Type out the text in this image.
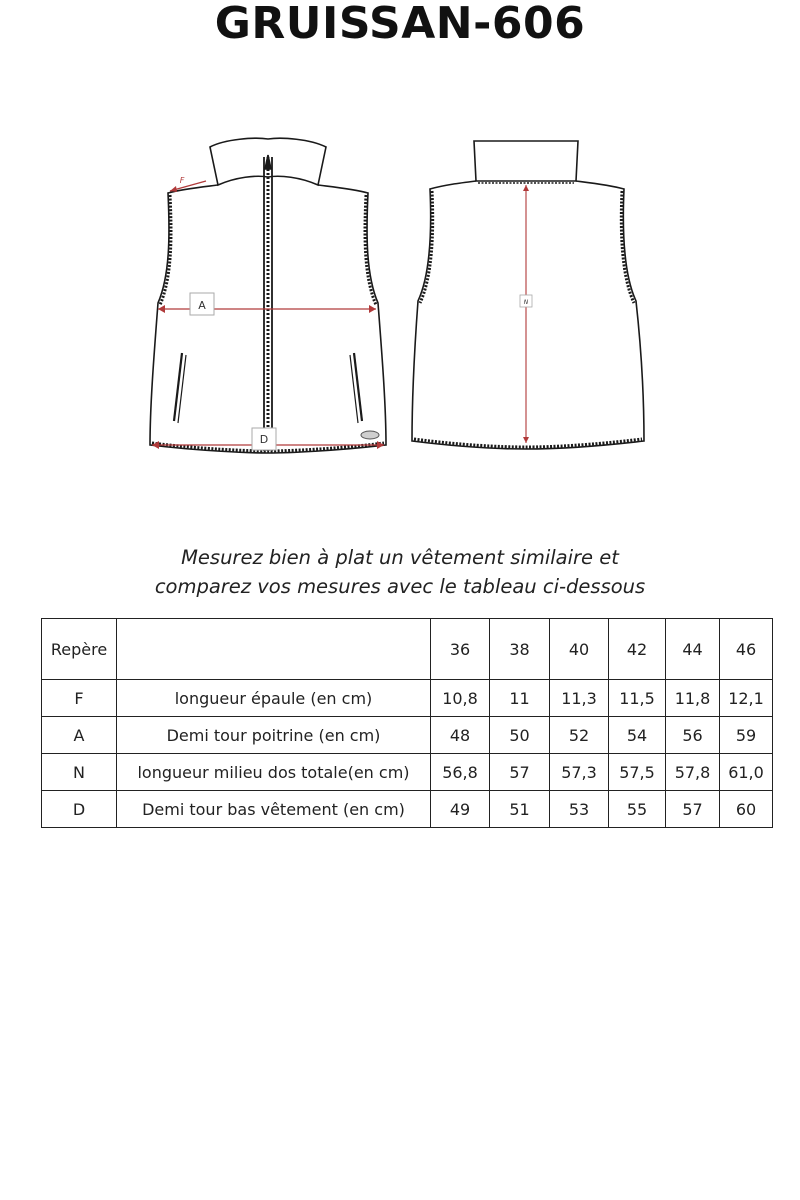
GRUISSAN-606
F
A
D
N
Mesurez bien à plat un vêtement similaire et
comparez vos mesures avec le tableau ci-dessous
Repère		36	38	40	42	44	46
F	longueur épaule (en cm)	10,8	11	11,3	11,5	11,8	12,1
A	Demi tour poitrine (en cm)	48	50	52	54	56	59
N	longueur milieu dos totale(en cm)	56,8	57	57,3	57,5	57,8	61,0
D	Demi tour bas vêtement (en cm)	49	51	53	55	57	60
